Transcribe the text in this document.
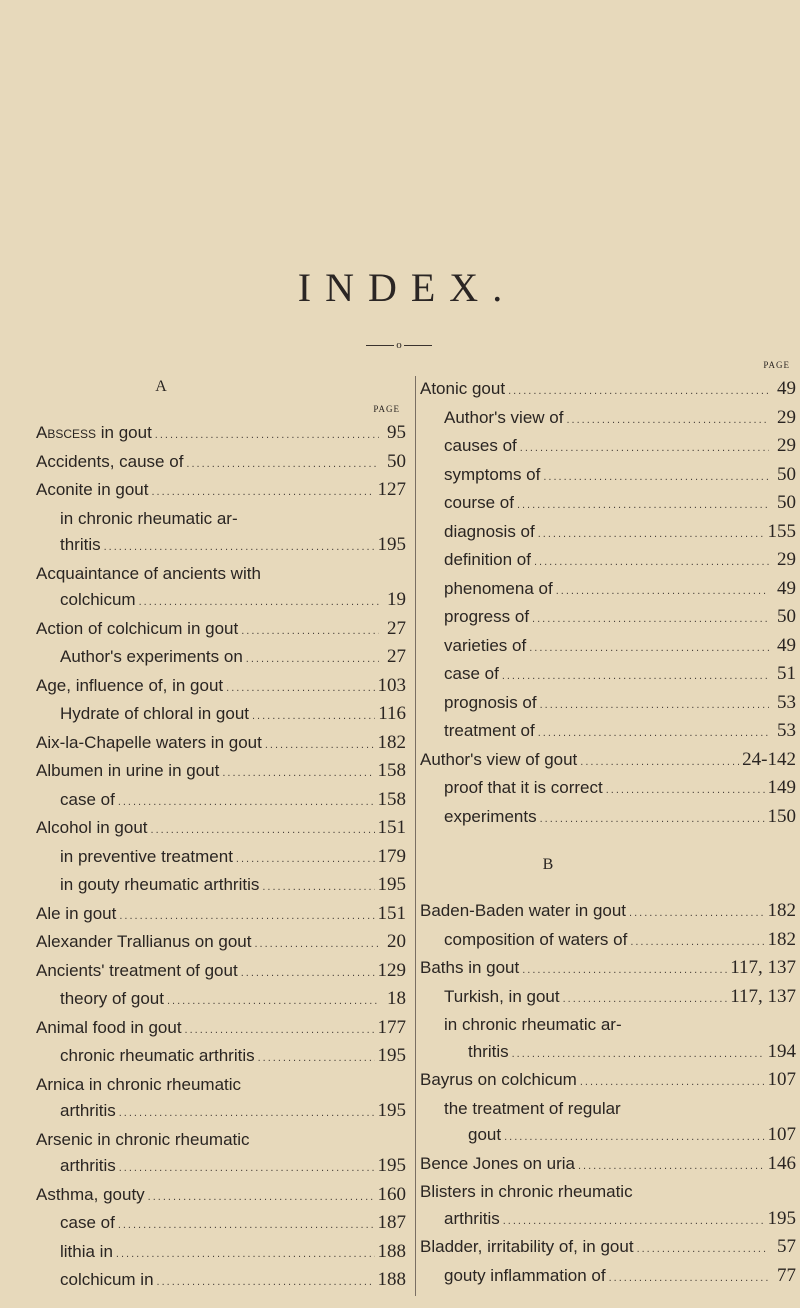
INDEX.
o
A
PAGE
Abscess in gout .....	95
Accidents, cause of .....	50
Aconite in gout .....	127
in chronic rheumatic ar-
thritis .....	195
Acquaintance of ancients with
colchicum .....	19
Action of colchicum in gout .....	27
Author's experiments on .....	27
Age, influence of, in gout .....	103
Hydrate of chloral in gout .....	116
Aix-la-Chapelle waters in gout .....	182
Albumen in urine in gout .....	158
case of .....	158
Alcohol in gout .....	151
in preventive treatment .....	179
in gouty rheumatic arthritis .....	195
Ale in gout .....	151
Alexander Trallianus on gout .....	20
Ancients' treatment of gout .....	129
theory of gout .....	18
Animal food in gout .....	177
chronic rheumatic arthritis .....	195
Arnica in chronic rheumatic
arthritis .....	195
Arsenic in chronic rheumatic
arthritis .....	195
Asthma, gouty .....	160
case of .....	187
lithia in .....	188
colchicum in .....	188
PAGE
Atonic gout .....	49
Author's view of .....	29
causes of .....	29
symptoms of .....	50
course of .....	50
diagnosis of .....	155
definition of .....	29
phenomena of .....	49
progress of .....	50
varieties of .....	49
case of .....	51
prognosis of .....	53
treatment of .....	53
Author's view of gout .....	24-142
proof that it is correct .....	149
experiments .....	150
B
Baden-Baden water in gout .....	182
composition of waters of .....	182
Baths in gout .....	117, 137
Turkish, in gout .....	117, 137
in chronic rheumatic ar-
thritis .....	194
Bayrus on colchicum .....	107
the treatment of regular
gout .....	107
Bence Jones on uria .....	146
Blisters in chronic rheumatic
arthritis .....	195
Bladder, irritability of, in gout .....	57
gouty inflammation of .....	77
